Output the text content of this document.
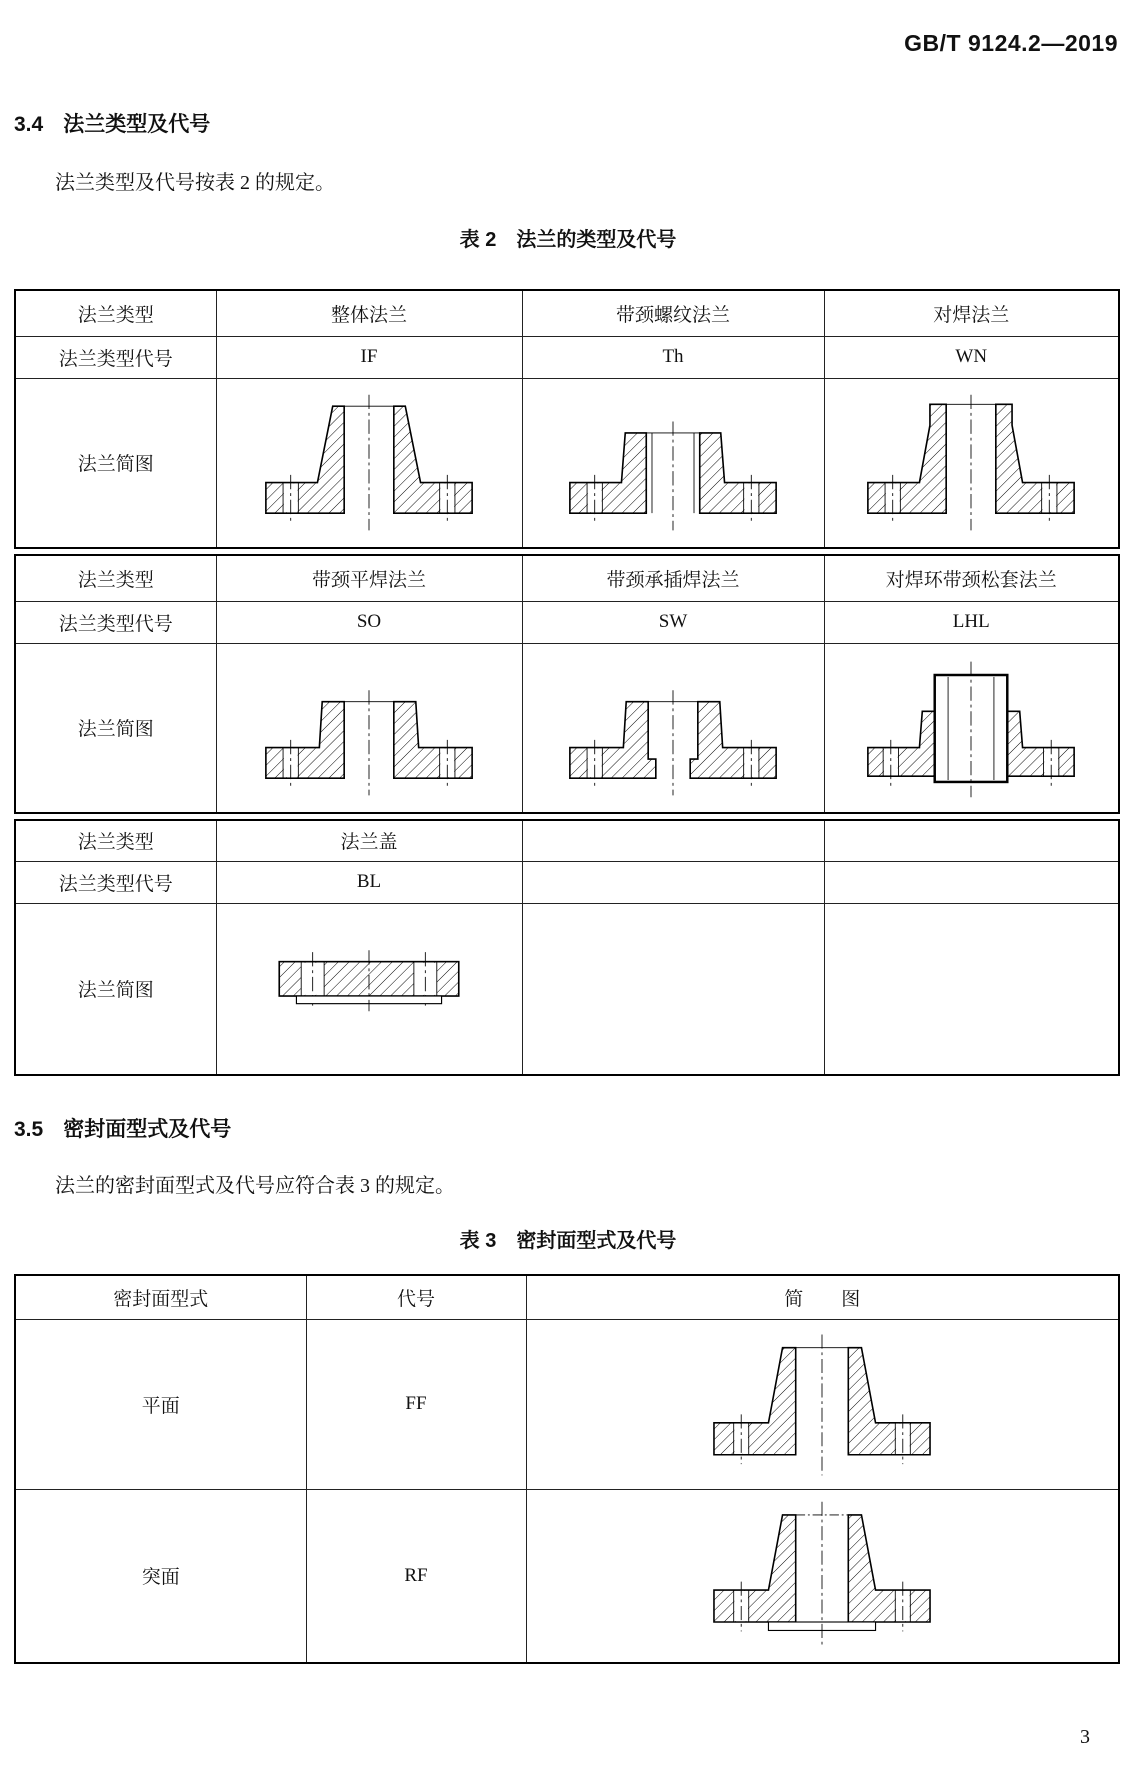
GB/T 9124.2—2019
3.4 法兰类型及代号
法兰类型及代号按表 2 的规定。
表 2　法兰的类型及代号
法兰类型	整体法兰	带颈螺纹法兰	对焊法兰
法兰类型代号	IF	Th	WN
法兰简图	

法兰类型	带颈平焊法兰	带颈承插焊法兰	对焊环带颈松套法兰
法兰类型代号	SO	SW	LHL
法兰简图	

法兰类型	法兰盖		
法兰类型代号	BL		
法兰简图	

3.5 密封面型式及代号
法兰的密封面型式及代号应符合表 3 的规定。
表 3　密封面型式及代号
密封面型式	代号	简　　图
平面	FF	

突面	RF	
3
